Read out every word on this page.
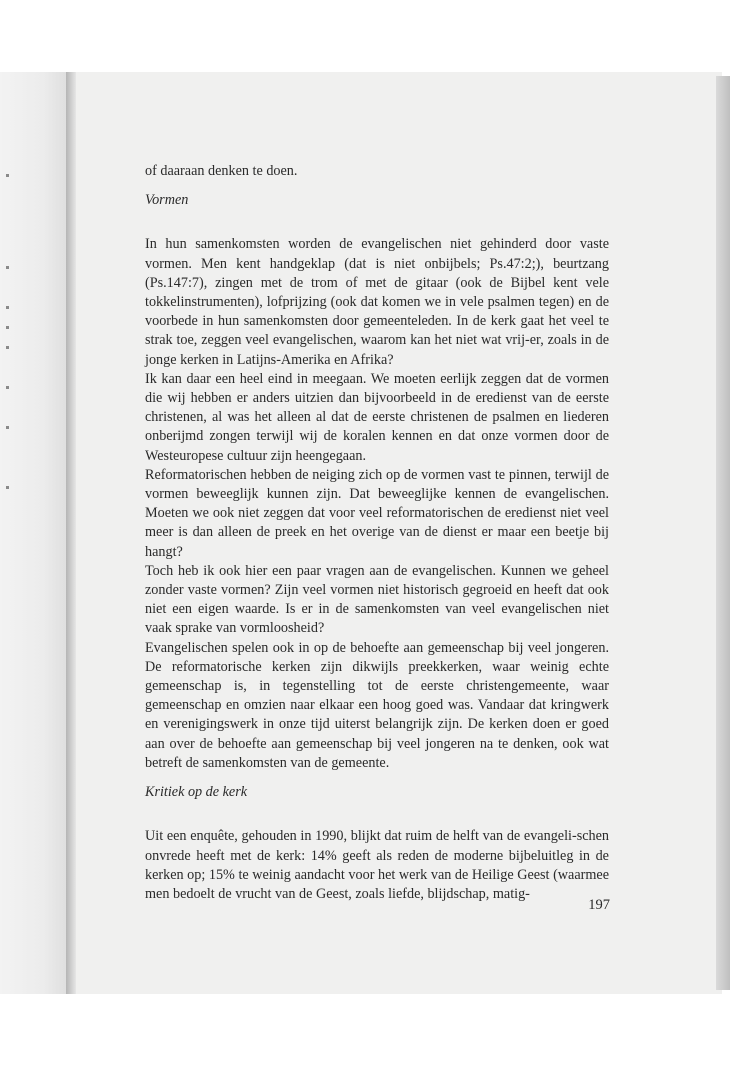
of daaraan denken te doen.

Vormen

In hun samenkomsten worden de evangelischen niet gehinderd door vaste vormen. Men kent handgeklap (dat is niet onbijbels; Ps.47:2;), beurtzang (Ps.147:7), zingen met de trom of met de gitaar (ook de Bijbel kent vele tokkelinstrumenten), lofprijzing (ook dat komen we in vele psalmen tegen) en de voorbede in hun samenkomsten door gemeenteleden. In de kerk gaat het veel te strak toe, zeggen veel evangelischen, waarom kan het niet wat vrij-er, zoals in de jonge kerken in Latijns-Amerika en Afrika?

Ik kan daar een heel eind in meegaan. We moeten eerlijk zeggen dat de vormen die wij hebben er anders uitzien dan bijvoorbeeld in de eredienst van de eerste christenen, al was het alleen al dat de eerste christenen de psalmen en liederen onberijmd zongen terwijl wij de koralen kennen en dat onze vormen door de Westeuropese cultuur zijn heengegaan.

Reformatorischen hebben de neiging zich op de vormen vast te pinnen, terwijl de vormen beweeglijk kunnen zijn. Dat beweeglijke kennen de evangelischen. Moeten we ook niet zeggen dat voor veel reformatorischen de eredienst niet veel meer is dan alleen de preek en het overige van de dienst er maar een beetje bij hangt?

Toch heb ik ook hier een paar vragen aan de evangelischen. Kunnen we geheel zonder vaste vormen? Zijn veel vormen niet historisch gegroeid en heeft dat ook niet een eigen waarde. Is er in de samenkomsten van veel evangelischen niet vaak sprake van vormloosheid?

Evangelischen spelen ook in op de behoefte aan gemeenschap bij veel jongeren. De reformatorische kerken zijn dikwijls preekkerken, waar weinig echte gemeenschap is, in tegenstelling tot de eerste christengemeente, waar gemeenschap en omzien naar elkaar een hoog goed was. Vandaar dat kringwerk en verenigingswerk in onze tijd uiterst belangrijk zijn. De kerken doen er goed aan over de behoefte aan gemeenschap bij veel jongeren na te denken, ook wat betreft de samenkomsten van de gemeente.

Kritiek op de kerk

Uit een enquête, gehouden in 1990, blijkt dat ruim de helft van de evangeli-schen onvrede heeft met de kerk: 14% geeft als reden de moderne bijbeluitleg in de kerken op; 15% te weinig aandacht voor het werk van de Heilige Geest (waarmee men bedoelt de vrucht van de Geest, zoals liefde, blijdschap, matig-

197
